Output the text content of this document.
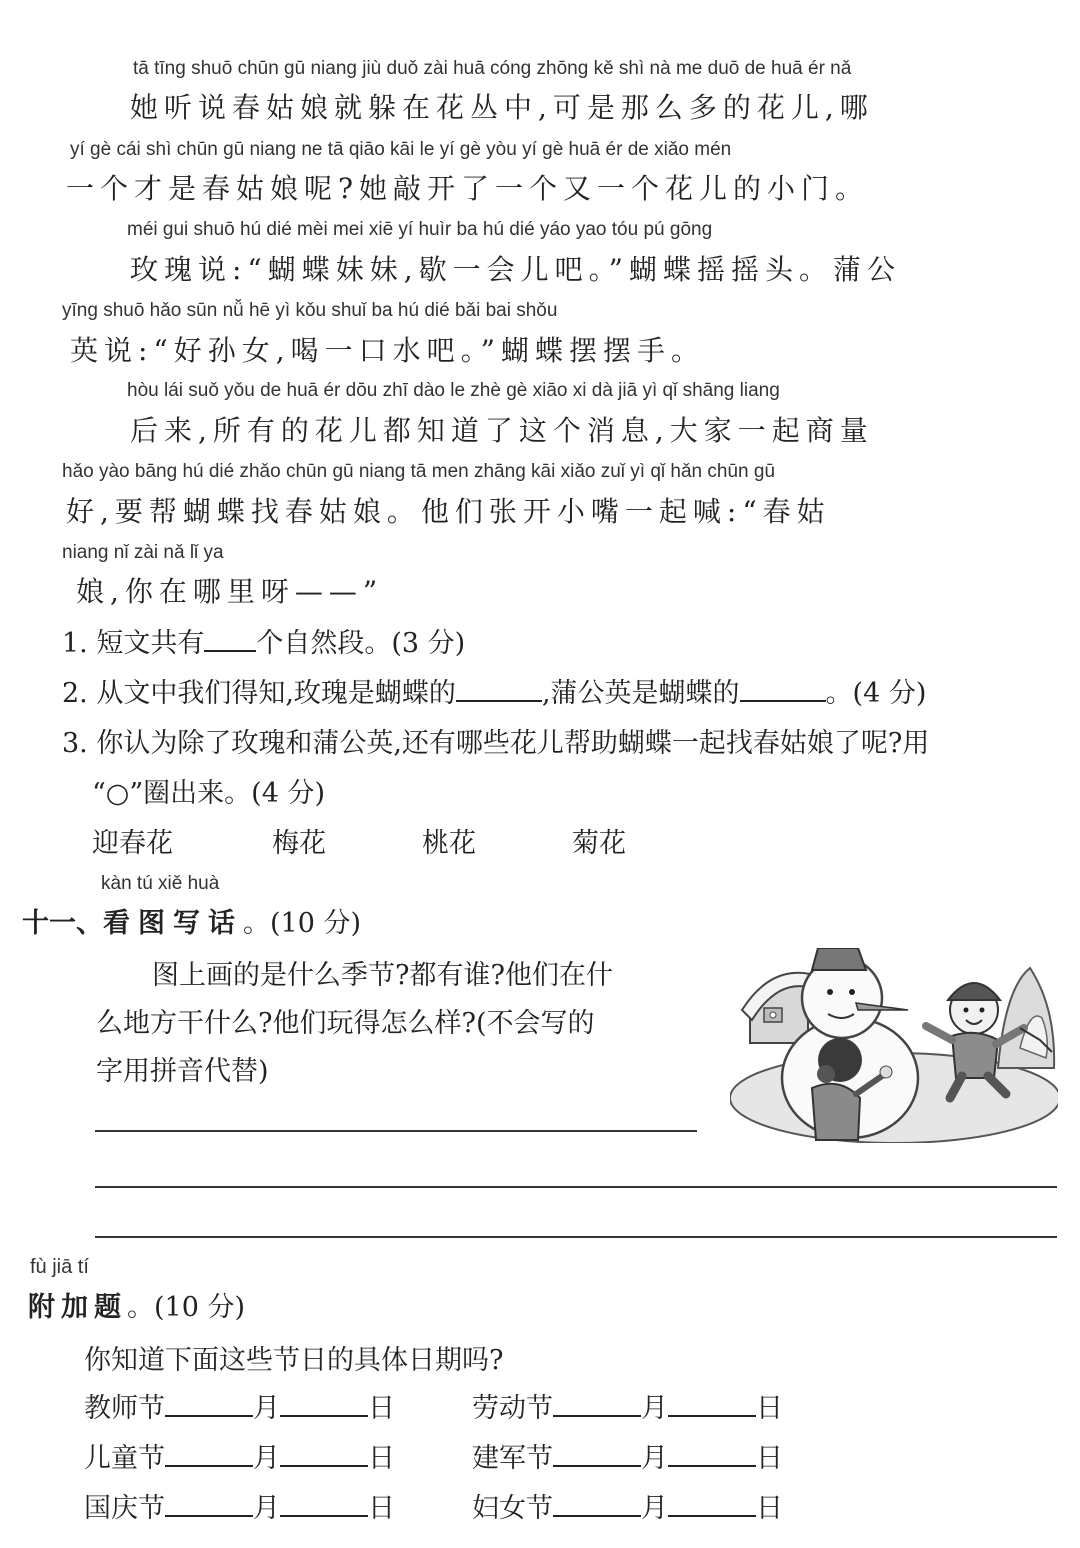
tā tīng shuō chūn gū niang jiù duǒ zài huā cóng zhōng kě shì nà me duō de huā ér nǎ
她听说春姑娘就躲在花丛中,可是那么多的花儿,哪
yí gè cái shì chūn gū niang ne tā qiāo kāi le yí gè yòu yí gè huā ér de xiǎo mén
一个才是春姑娘呢?她敲开了一个又一个花儿的小门。
méi gui shuō hú dié mèi mei xiē yí huìr ba hú dié yáo yao tóu pú gōng
玫瑰说:“蝴蝶妹妹,歇一会儿吧。”蝴蝶摇摇头。蒲公
yīng shuō hǎo sūn nǚ hē yì kǒu shuǐ ba hú dié bǎi bai shǒu
英说:“好孙女,喝一口水吧。”蝴蝶摆摆手。
hòu lái suǒ yǒu de huā ér dōu zhī dào le zhè gè xiāo xi dà jiā yì qǐ shāng liang
后来,所有的花儿都知道了这个消息,大家一起商量
hǎo yào bāng hú dié zhǎo chūn gū niang tā men zhāng kāi xiǎo zuǐ yì qǐ hǎn chūn gū
好,要帮蝴蝶找春姑娘。他们张开小嘴一起喊:“春姑
niang nǐ zài nǎ lǐ ya
娘,你在哪里呀——”
1. 短文共有 个自然段。(3 分)
2. 从文中我们得知,玫瑰是蝴蝶的	,蒲公英是蝴蝶的	。(4 分)
3. 你认为除了玫瑰和蒲公英,还有哪些花儿帮助蝴蝶一起找春姑娘了呢?用
“○”圈出来。(4 分)
迎春花	梅花	桃花	菊花
kàn tú xiě huà
十一、看图写话。(10 分)
图上画的是什么季节?都有谁?他们在什
么地方干什么?他们玩得怎么样?(不会写的
字用拼音代替)
fù jiā tí
附加题。(10 分)
你知道下面这些节日的具体日期吗?
教师节	月	日	劳动节	月	日
儿童节	月	日	建军节	月	日
国庆节	月	日	妇女节	月	日
